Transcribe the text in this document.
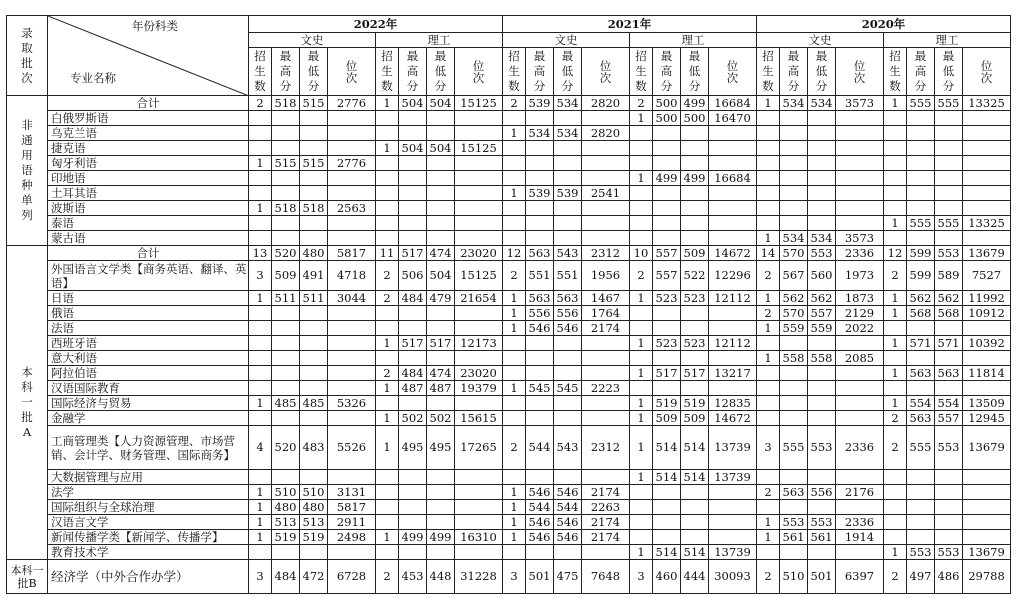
录取批次	年份科类
专业名称	2022年								2021年								2020年							
		文史				理工				文史				理工				文史				理工			

		招生数	最高分	最低分	位次	招生数	最高分	最低分	位次	招生数	最高分	最低分	位次	招生数	最高分	最低分	位次	招生数	最高分	最低分	位次	招生数	最高分	最低分	位次

非通用语种单列	合计	2	518	515	2776	1	504	504	15125	2	539	534	2820	2	500	499	16684	1	534	534	3573	1	555	555	13325
	白俄罗斯语													1	500	500	16470								
	乌克兰语									1	534	534	2820												
	捷克语					1	504	504	15125																
	匈牙利语	1	515	515	2776																				
	印地语													1	499	499	16684								
	土耳其语									1	539	539	2541												
	波斯语	1	518	518	2563																				
	泰语																					1	555	555	13325
	蒙古语																	1	534	534	3573				

本科一批A	合计	13	520	480	5817	11	517	474	23020	12	563	543	2312	10	557	509	14672	14	570	553	2336	12	599	553	13679
	外国语言文学类【商务英语、翻译、英语】	3	509	491	4718	2	506	504	15125	2	551	551	1956	2	557	522	12296	2	567	560	1973	2	599	589	7527
	日语	1	511	511	3044	2	484	479	21654	1	563	563	1467	1	523	523	12112	1	562	562	1873	1	562	562	11992
	俄语									1	556	556	1764					2	570	557	2129	1	568	568	10912
	法语									1	546	546	2174					1	559	559	2022				
	西班牙语					1	517	517	12173					1	523	523	12112					1	571	571	10392
	意大利语																	1	558	558	2085				
	阿拉伯语					2	484	474	23020					1	517	517	13217					1	563	563	11814
	汉语国际教育					1	487	487	19379	1	545	545	2223												
	国际经济与贸易	1	485	485	5326									1	519	519	12835					1	554	554	13509
	金融学					1	502	502	15615					1	509	509	14672					2	563	557	12945
	工商管理类【人力资源管理、市场营销、会计学、财务管理、国际商务】	4	520	483	5526	1	495	495	17265	2	544	543	2312	1	514	514	13739	3	555	553	2336	2	555	553	13679
	大数据管理与应用													1	514	514	13739								
	法学	1	510	510	3131					1	546	546	2174					2	563	556	2176				
	国际组织与全球治理	1	480	480	5817					1	544	544	2263												
	汉语言文学	1	513	513	2911					1	546	546	2174					1	553	553	2336				
	新闻传播学类【新闻学、传播学】	1	519	519	2498	1	499	499	16310	1	546	546	2174					1	561	561	1914				
	教育技术学													1	514	514	13739					1	553	553	13679

本科一批B	经济学（中外合作办学）	3	484	472	6728	2	453	448	31228	3	501	475	7648	3	460	444	30093	2	510	501	6397	2	497	486	29788
